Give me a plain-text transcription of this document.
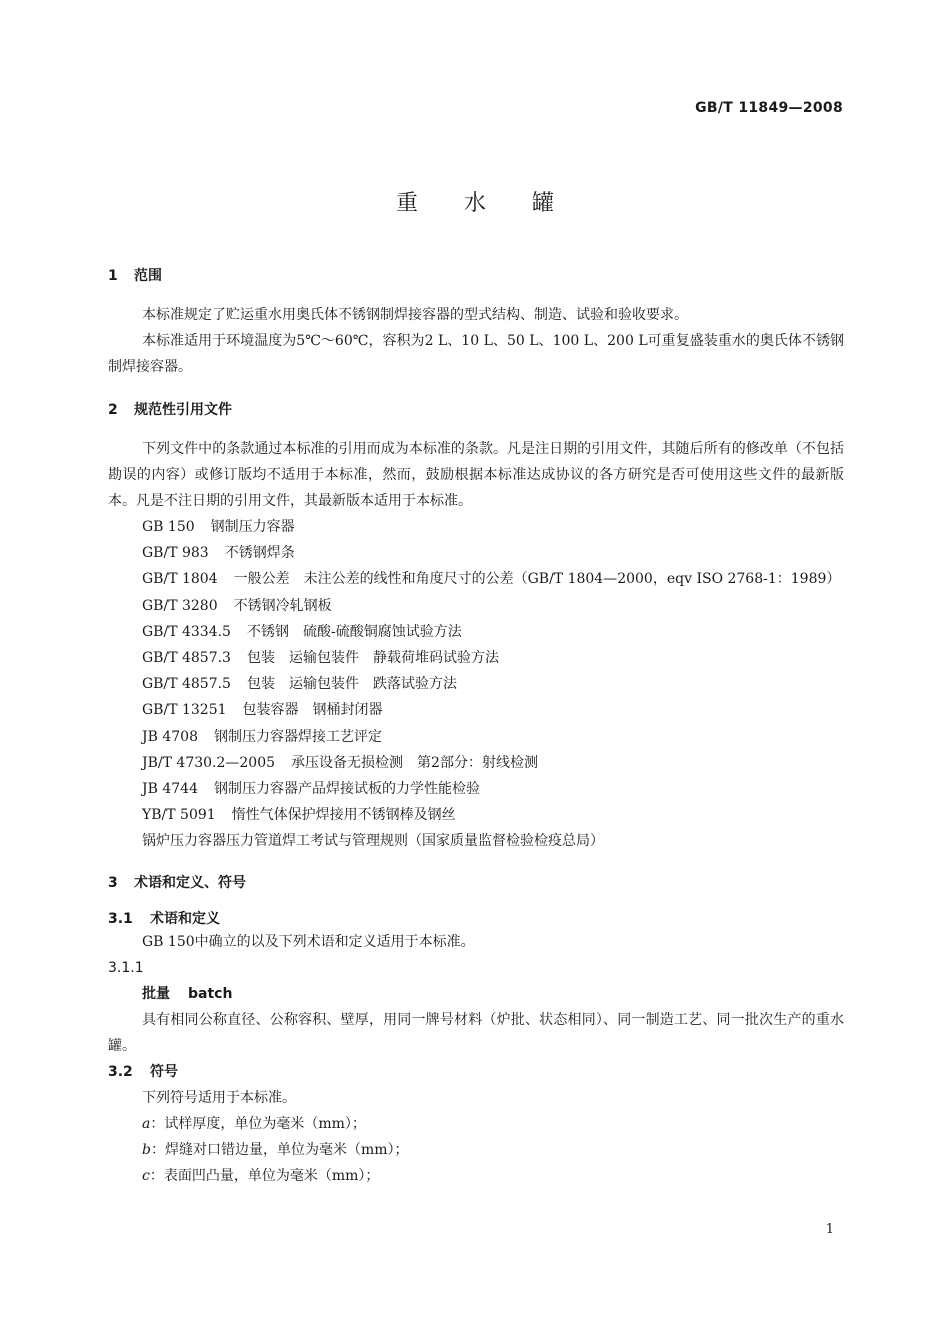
GB/T 11849—2008
重水罐
1	范围

本标准规定了贮运重水用奥氏体不锈钢制焊接容器的型式结构、制造、试验和验收要求。

本标准适用于环境温度为5℃～60℃，容积为2 L、10 L、50 L、100 L、200 L可重复盛装重水的奥氏体不锈钢制焊接容器。

2	规范性引用文件

下列文件中的条款通过本标准的引用而成为本标准的条款。凡是注日期的引用文件，其随后所有的修改单（不包括勘误的内容）或修订版均不适用于本标准，然而，鼓励根据本标准达成协议的各方研究是否可使用这些文件的最新版本。凡是不注日期的引用文件，其最新版本适用于本标准。

GB 150 钢制压力容器

GB/T 983 不锈钢焊条

GB/T 1804 一般公差　未注公差的线性和角度尺寸的公差（GB/T 1804—2000，eqv ISO 2768-1：1989）

GB/T 3280 不锈钢冷轧钢板

GB/T 4334.5 不锈钢　硫酸-硫酸铜腐蚀试验方法

GB/T 4857.3 包装　运输包装件　静载荷堆码试验方法

GB/T 4857.5 包装　运输包装件　跌落试验方法

GB/T 13251 包装容器　钢桶封闭器

JB 4708 钢制压力容器焊接工艺评定

JB/T 4730.2—2005 承压设备无损检测　第2部分：射线检测

JB 4744 钢制压力容器产品焊接试板的力学性能检验

YB/T 5091 惰性气体保护焊接用不锈钢棒及钢丝

锅炉压力容器压力管道焊工考试与管理规则（国家质量监督检验检疫总局）

3	术语和定义、符号
3.1	术语和定义

GB 150中确立的以及下列术语和定义适用于本标准。

3.1.1
批量 batch

具有相同公称直径、公称容积、壁厚，用同一牌号材料（炉批、状态相同）、同一制造工艺、同一批次生产的重水罐。

3.2	符号

下列符号适用于本标准。

a：试样厚度，单位为毫米（mm）；
b：焊缝对口错边量，单位为毫米（mm）；
c：表面凹凸量，单位为毫米（mm）；
1
